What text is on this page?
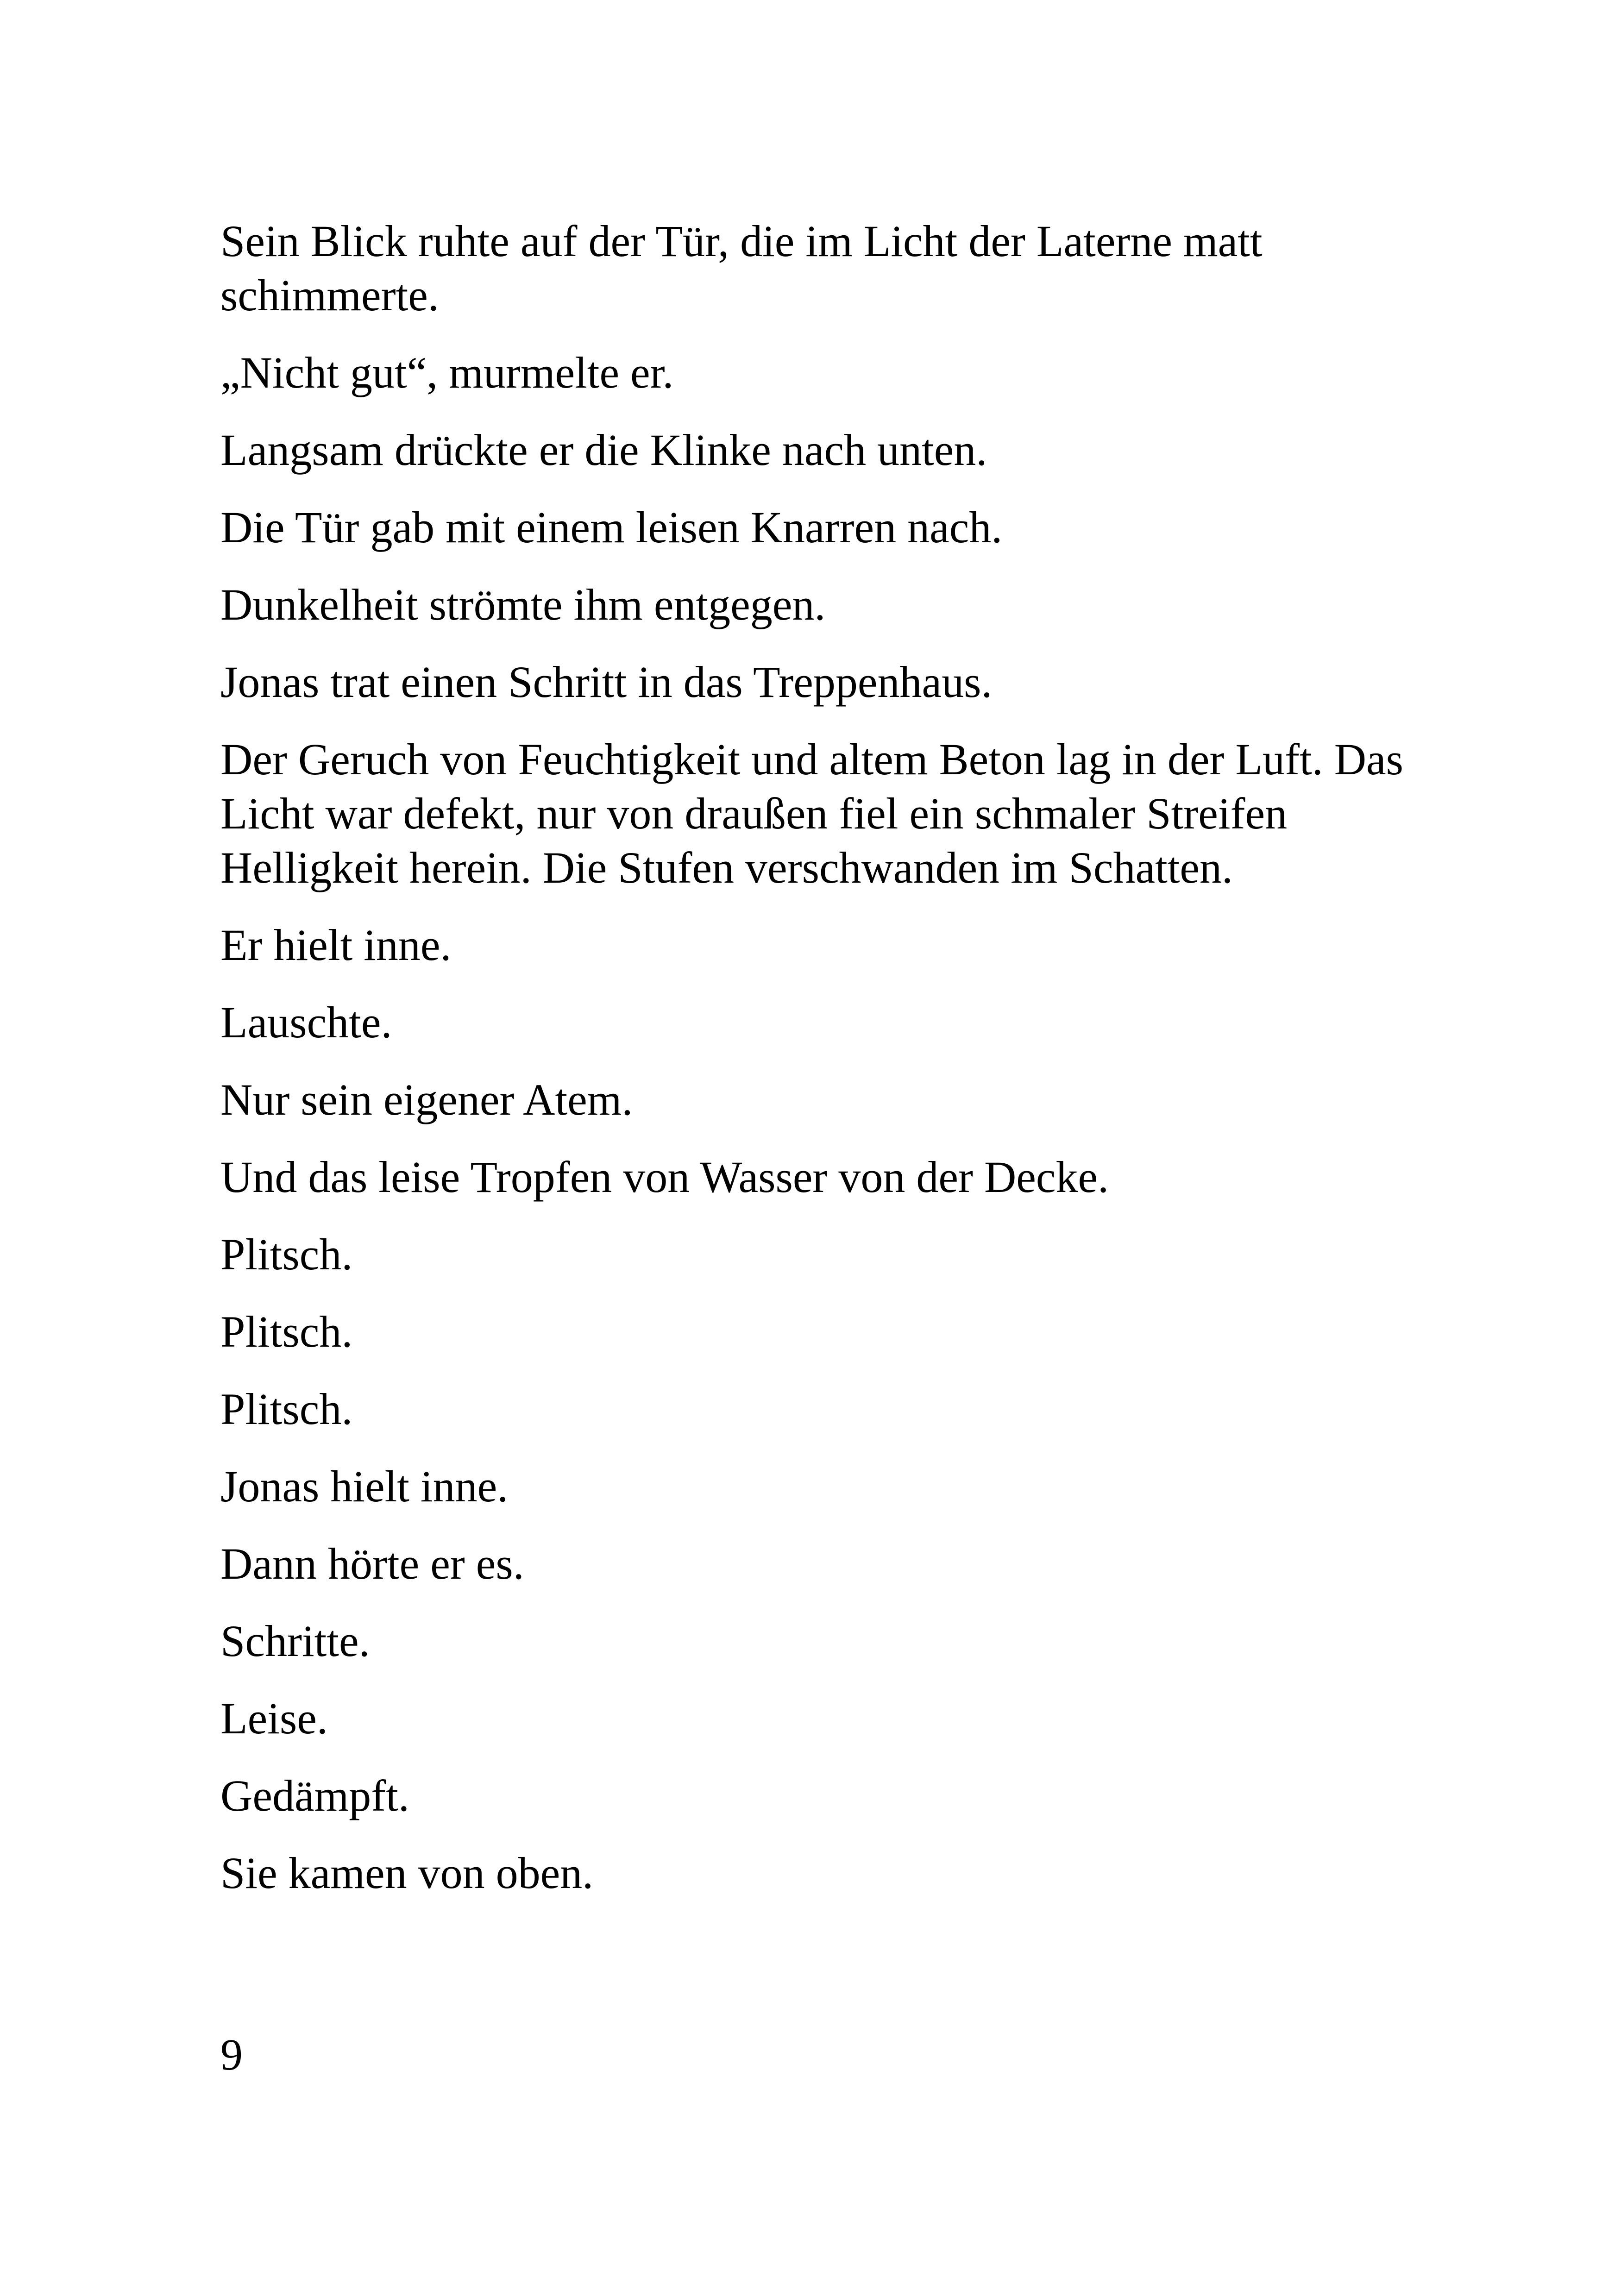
Sein Blick ruhte auf der Tür, die im Licht der Laterne matt schimmerte.

„Nicht gut“, murmelte er.

Langsam drückte er die Klinke nach unten.

Die Tür gab mit einem leisen Knarren nach.

Dunkelheit strömte ihm entgegen.

Jonas trat einen Schritt in das Treppenhaus.

Der Geruch von Feuchtigkeit und altem Beton lag in der Luft. Das Licht war defekt, nur von draußen fiel ein schmaler Streifen Helligkeit herein. Die Stufen verschwanden im Schatten.

Er hielt inne.

Lauschte.

Nur sein eigener Atem.

Und das leise Tropfen von Wasser von der Decke.

Plitsch.

Plitsch.

Plitsch.

Jonas hielt inne.

Dann hörte er es.

Schritte.

Leise.

Gedämpft.

Sie kamen von oben.

9
